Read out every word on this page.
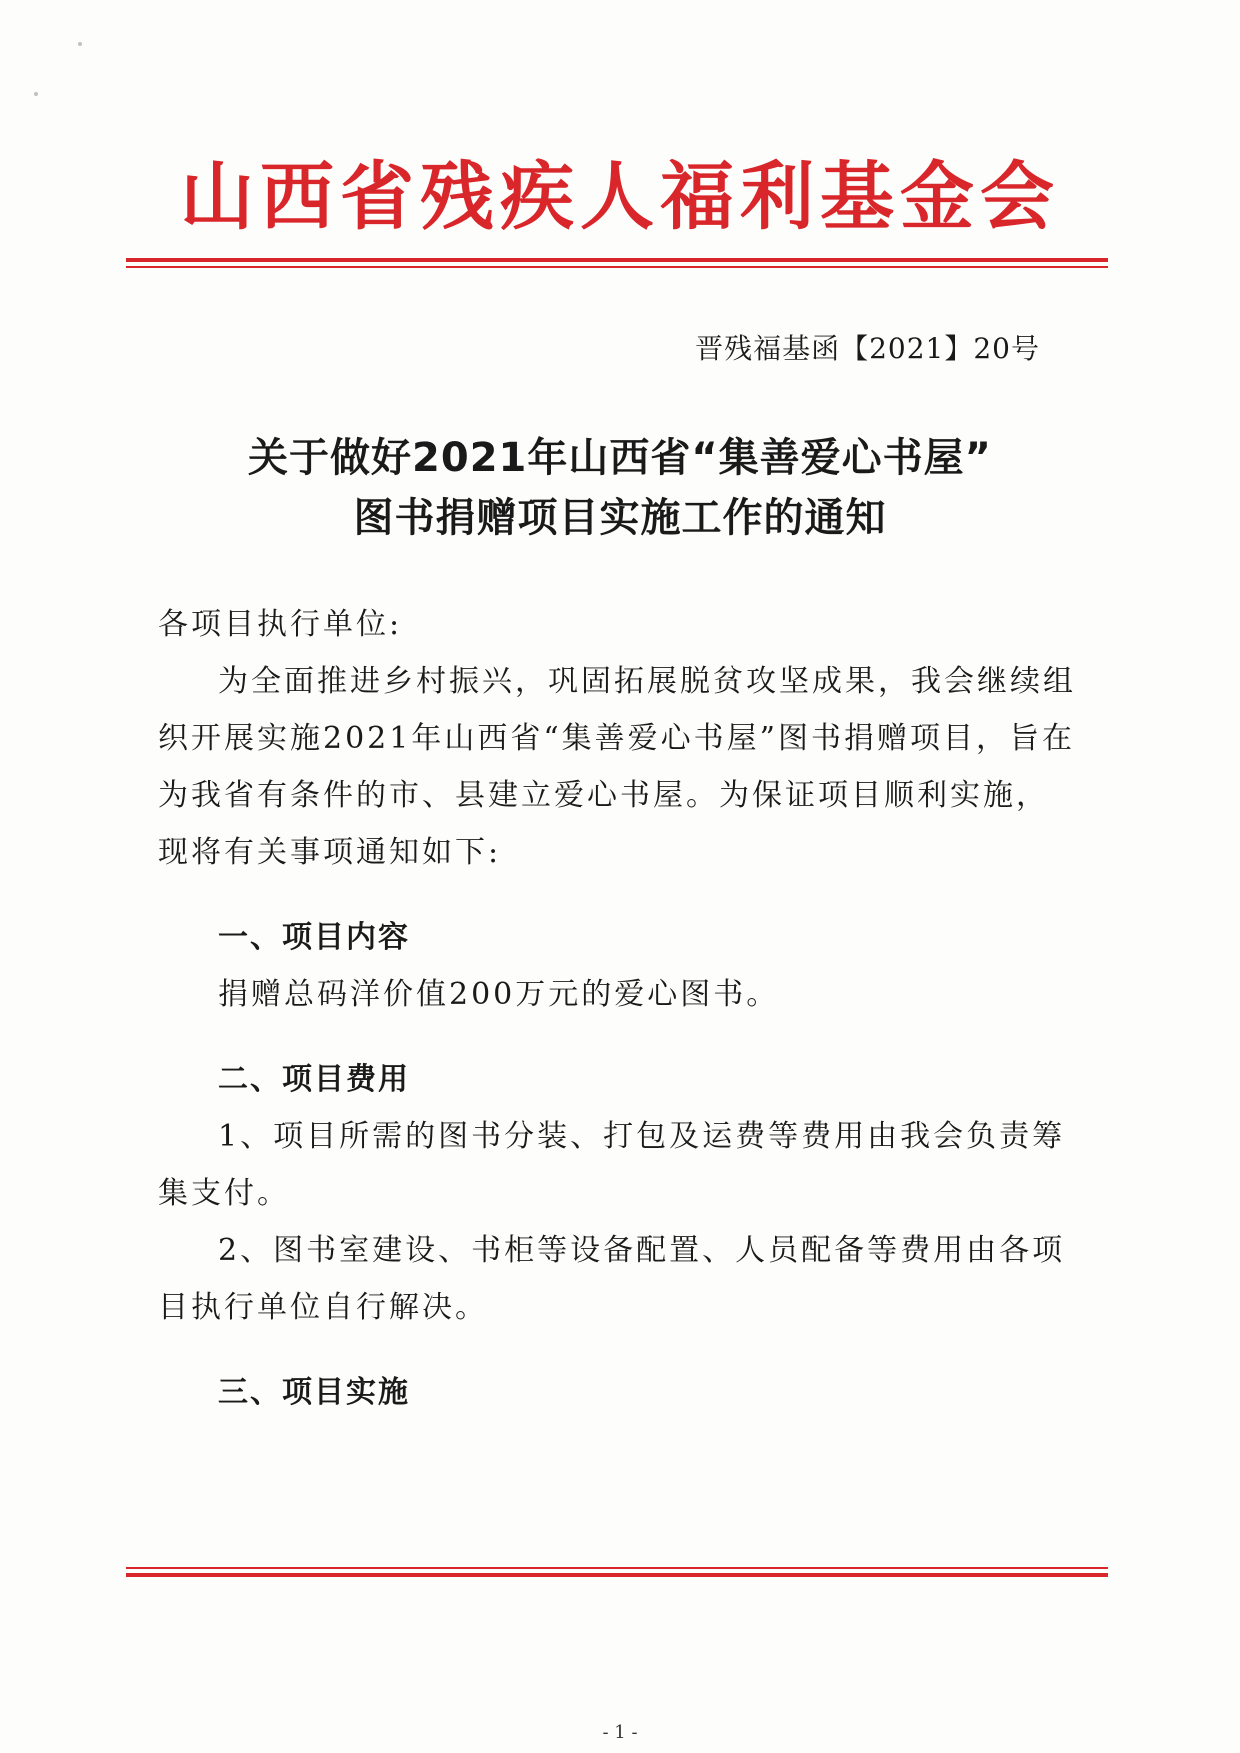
山西省残疾人福利基金会
晋残福基函【2021】20号
关于做好2021年山西省“集善爱心书屋”
图书捐赠项目实施工作的通知

各项目执行单位:

为全面推进乡村振兴，巩固拓展脱贫攻坚成果，我会继续组织开展实施2021年山西省“集善爱心书屋”图书捐赠项目，旨在为我省有条件的市、县建立爱心书屋。为保证项目顺利实施，现将有关事项通知如下:

一、项目内容

捐赠总码洋价值200万元的爱心图书。

二、项目费用

1、项目所需的图书分装、打包及运费等费用由我会负责筹集支付。

2、图书室建设、书柜等设备配置、人员配备等费用由各项目执行单位自行解决。

三、项目实施

- 1 -
